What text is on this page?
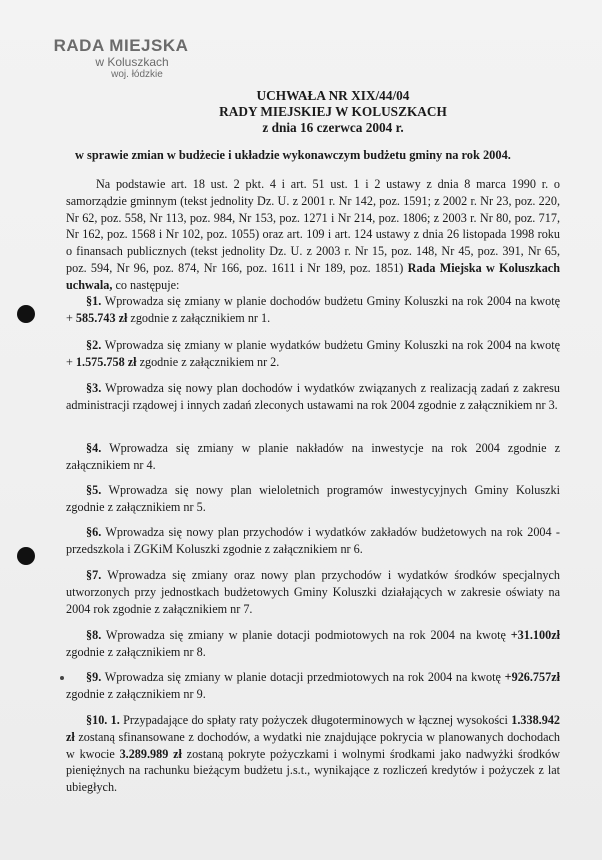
RADA MIEJSKA
w Koluszkach
woj. łódzkie
UCHWAŁA NR XIX/44/04
RADY MIEJSKIEJ W KOLUSZKACH
z dnia 16 czerwca 2004 r.
w sprawie zmian w budżecie i układzie wykonawczym budżetu gminy na rok 2004.
Na podstawie art. 18 ust. 2 pkt. 4 i art. 51 ust. 1 i 2 ustawy z dnia 8 marca 1990 r. o samorządzie gminnym (tekst jednolity Dz. U. z 2001 r. Nr 142, poz. 1591; z 2002 r. Nr 23, poz. 220, Nr 62, poz. 558, Nr 113, poz. 984, Nr 153, poz. 1271 i Nr 214, poz. 1806; z 2003 r. Nr 80, poz. 717, Nr 162, poz. 1568 i Nr 102, poz. 1055) oraz art. 109 i art. 124 ustawy z dnia 26 listopada 1998 roku o finansach publicznych (tekst jednolity Dz. U. z 2003 r. Nr 15, poz. 148, Nr 45, poz. 391, Nr 65, poz. 594, Nr 96, poz. 874, Nr 166, poz. 1611 i Nr 189, poz. 1851) Rada Miejska w Koluszkach uchwala, co następuje:
§1. Wprowadza się zmiany w planie dochodów budżetu Gminy Koluszki na rok 2004 na kwotę + 585.743 zł zgodnie z załącznikiem nr 1.
§2. Wprowadza się zmiany w planie wydatków budżetu Gminy Koluszki na rok 2004 na kwotę + 1.575.758 zł zgodnie z załącznikiem nr 2.
§3. Wprowadza się nowy plan dochodów i wydatków związanych z realizacją zadań z zakresu administracji rządowej i innych zadań zleconych ustawami na rok 2004 zgodnie z załącznikiem nr 3.
§4. Wprowadza się zmiany w planie nakładów na inwestycje na rok 2004 zgodnie z załącznikiem nr 4.
§5. Wprowadza się nowy plan wieloletnich programów inwestycyjnych Gminy Koluszki zgodnie z załącznikiem nr 5.
§6. Wprowadza się nowy plan przychodów i wydatków zakładów budżetowych na rok 2004 - przedszkola i ZGKiM Koluszki zgodnie z załącznikiem nr 6.
§7. Wprowadza się zmiany oraz nowy plan przychodów i wydatków środków specjalnych utworzonych przy jednostkach budżetowych Gminy Koluszki działających w zakresie oświaty na 2004 rok zgodnie z załącznikiem nr 7.
§8. Wprowadza się zmiany w planie dotacji podmiotowych na rok 2004 na kwotę +31.100zł zgodnie z załącznikiem nr 8.
§9. Wprowadza się zmiany w planie dotacji przedmiotowych na rok 2004 na kwotę +926.757zł zgodnie z załącznikiem nr 9.
§10. 1. Przypadające do spłaty raty pożyczek długoterminowych w łącznej wysokości 1.338.942 zł zostaną sfinansowane z dochodów, a wydatki nie znajdujące pokrycia w planowanych dochodach w kwocie 3.289.989 zł zostaną pokryte pożyczkami i wolnymi środkami jako nadwyżki środków pieniężnych na rachunku bieżącym budżetu j.s.t., wynikające z rozliczeń kredytów i pożyczek z lat ubiegłych.
